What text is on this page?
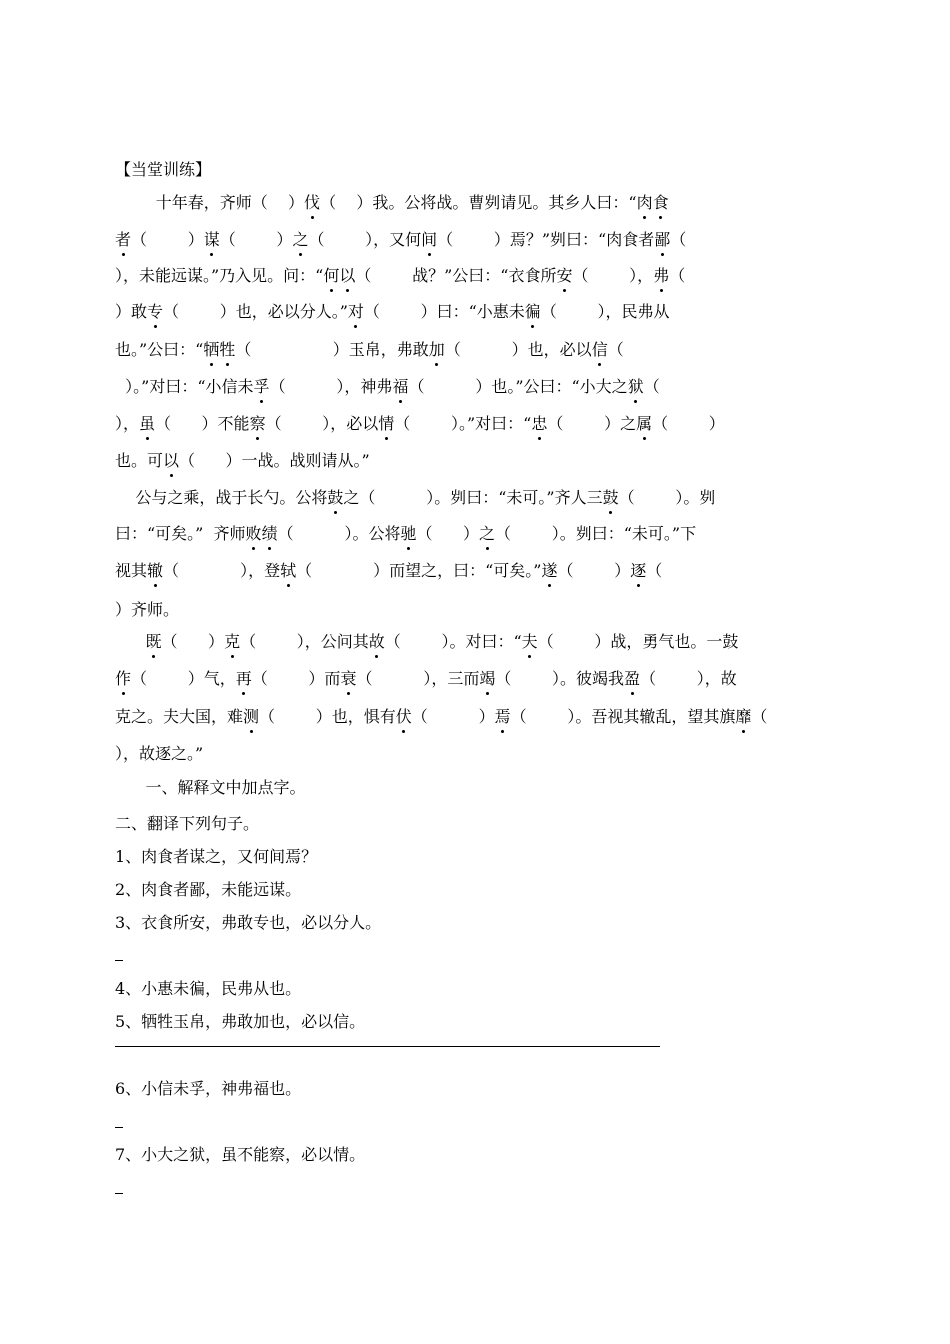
【当堂训练】
十年春，齐师（    ）伐（    ）我。公将战。曹刿请见。其乡人曰：“肉食
者（        ）谋（        ）之（        ），又何间（        ）焉？”刿曰：“肉食者鄙（
），未能远谋。”乃入见。问：“何以（        战？”公曰：“衣食所安（        ），弗（
）敢专（        ）也，必以分人。”对（        ）曰：“小惠未徧（        ），民弗从
也。”公曰：“牺牲（                ）玉帛，弗敢加（          ）也，必以信（
）。”对曰：“小信未孚（          ），神弗福（          ）也。”公曰：“小大之狱（
），虽（      ）不能察（        ），必以情（        ）。”对曰：“忠（        ）之属（        ）
也。可以（      ）一战。战则请从。”
公与之乘，战于长勺。公将鼓之（          ）。刿曰：“未可。”齐人三鼓（        ）。刿
曰：“可矣。”  齐师败绩（          ）。公将驰（      ）之（        ）。刿曰：“未可。”下
视其辙（            ），登轼（            ）而望之，曰：“可矣。”遂（        ）逐（
）齐师。
既（      ）克（        ），公问其故（        ）。对曰：“夫（        ）战，勇气也。一鼓
作（        ）气，再（        ）而衰（          ），三而竭（        ）。彼竭我盈（        ），故
克之。夫大国，难测（        ）也，惧有伏（          ）焉（        ）。吾视其辙乱，望其旗靡（
），故逐之。”
一、解释文中加点字。
二、翻译下列句子。
1、肉食者谋之，又何间焉？
2、肉食者鄙，未能远谋。
3、衣食所安，弗敢专也，必以分人。
4、小惠未徧，民弗从也。
5、牺牲玉帛，弗敢加也，必以信。
6、小信未孚，神弗福也。
7、小大之狱，虽不能察，必以情。
